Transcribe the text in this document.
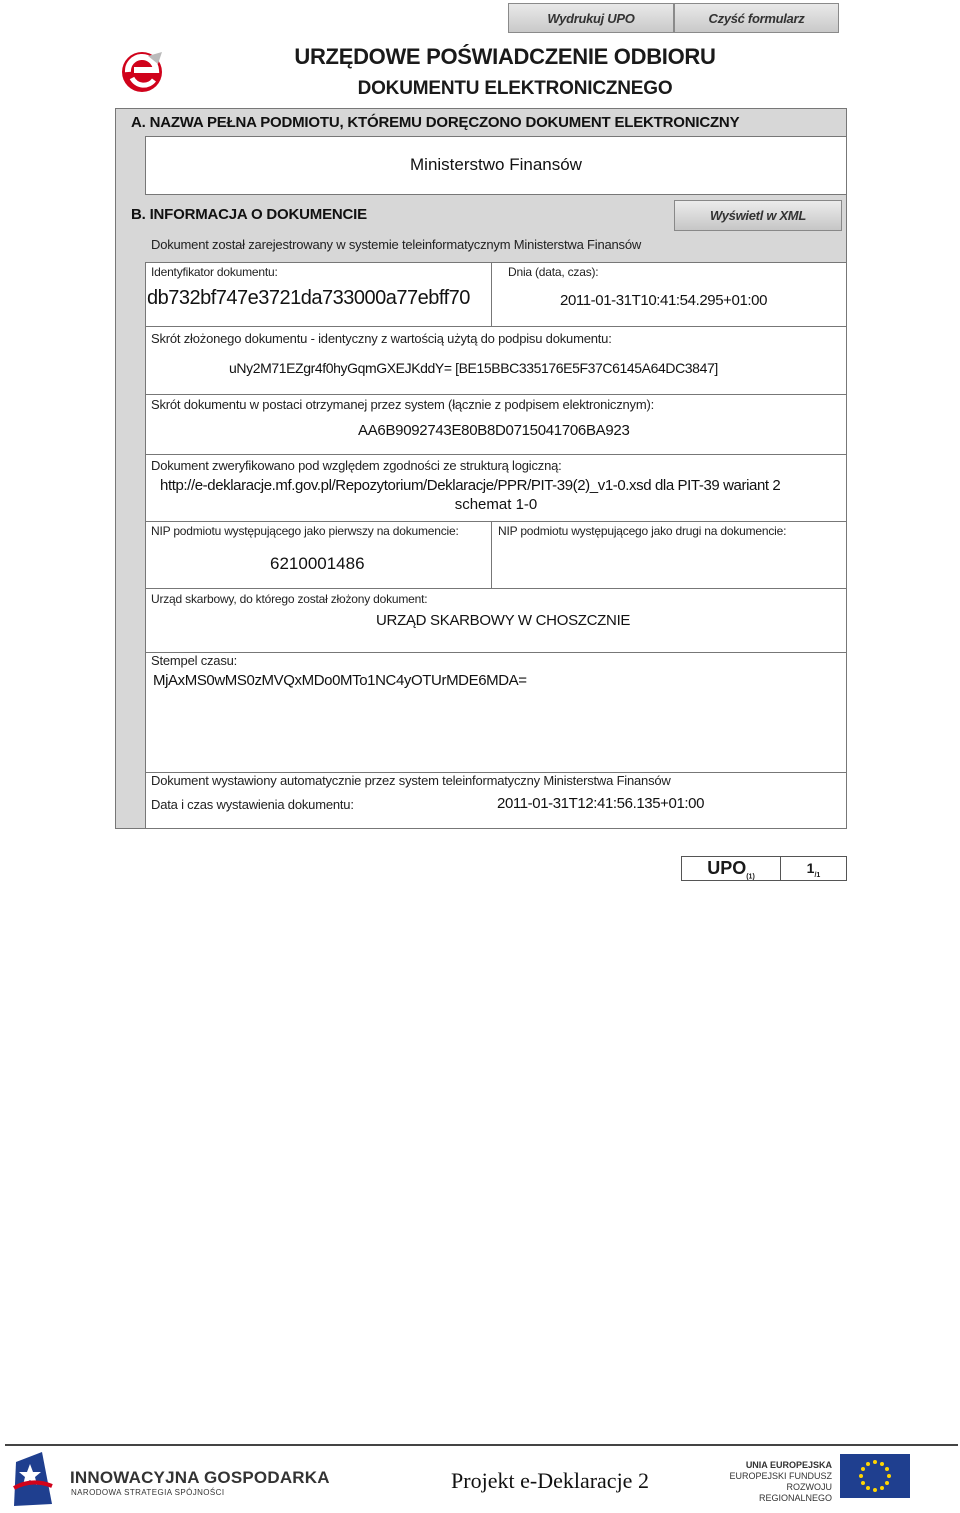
Wydrukuj UPO	Czyść formularz
URZĘDOWE POŚWIADCZENIE ODBIORU
DOKUMENTU ELEKTRONICZNEGO
A. NAZWA PEŁNA PODMIOTU, KTÓREMU DORĘCZONO DOKUMENT ELEKTRONICZNY
Ministerstwo Finansów
B. INFORMACJA O DOKUMENCIE	Wyświetl w XML
Dokument został zarejestrowany w systemie teleinformatycznym Ministerstwa Finansów
Identyfikator dokumentu:
db732bf747e3721da733000a77ebff70
Dnia (data, czas):
2011-01-31T10:41:54.295+01:00
Skrót złożonego dokumentu - identyczny z wartością użytą do podpisu dokumentu:
uNy2M71EZgr4f0hyGqmGXEJKddY= [BE15BBC335176E5F37C6145A64DC3847]
Skrót dokumentu w postaci otrzymanej przez system (łącznie z podpisem elektronicznym):
AA6B9092743E80B8D0715041706BA923
Dokument zweryfikowano pod względem zgodności ze strukturą logiczną:
http://e-deklaracje.mf.gov.pl/Repozytorium/Deklaracje/PPR/PIT-39(2)_v1-0.xsd dla PIT-39 wariant 2
schemat 1-0
NIP podmiotu występującego jako pierwszy na dokumencie:
6210001486
NIP podmiotu występującego jako drugi na dokumencie:
Urząd skarbowy, do którego został złożony dokument:
URZĄD SKARBOWY W CHOSZCZNIE
Stempel czasu:
MjAxMS0wMS0zMVQxMDo0MTo1NC4yOTUrMDE6MDA=
Dokument wystawiony automatycznie przez system teleinformatyczny Ministerstwa Finansów
Data i czas wystawienia dokumentu:	2011-01-31T12:41:56.135+01:00
$UPO_{(1)}$
$1_{/1}$
INNOWACYJNA GOSPODARKA
NARODOWA STRATEGIA SPÓJNOŚCI	Projekt e-Deklaracje 2
UNIA EUROPEJSKA
EUROPEJSKI FUNDUSZ
ROZWOJU REGIONALNEGO
